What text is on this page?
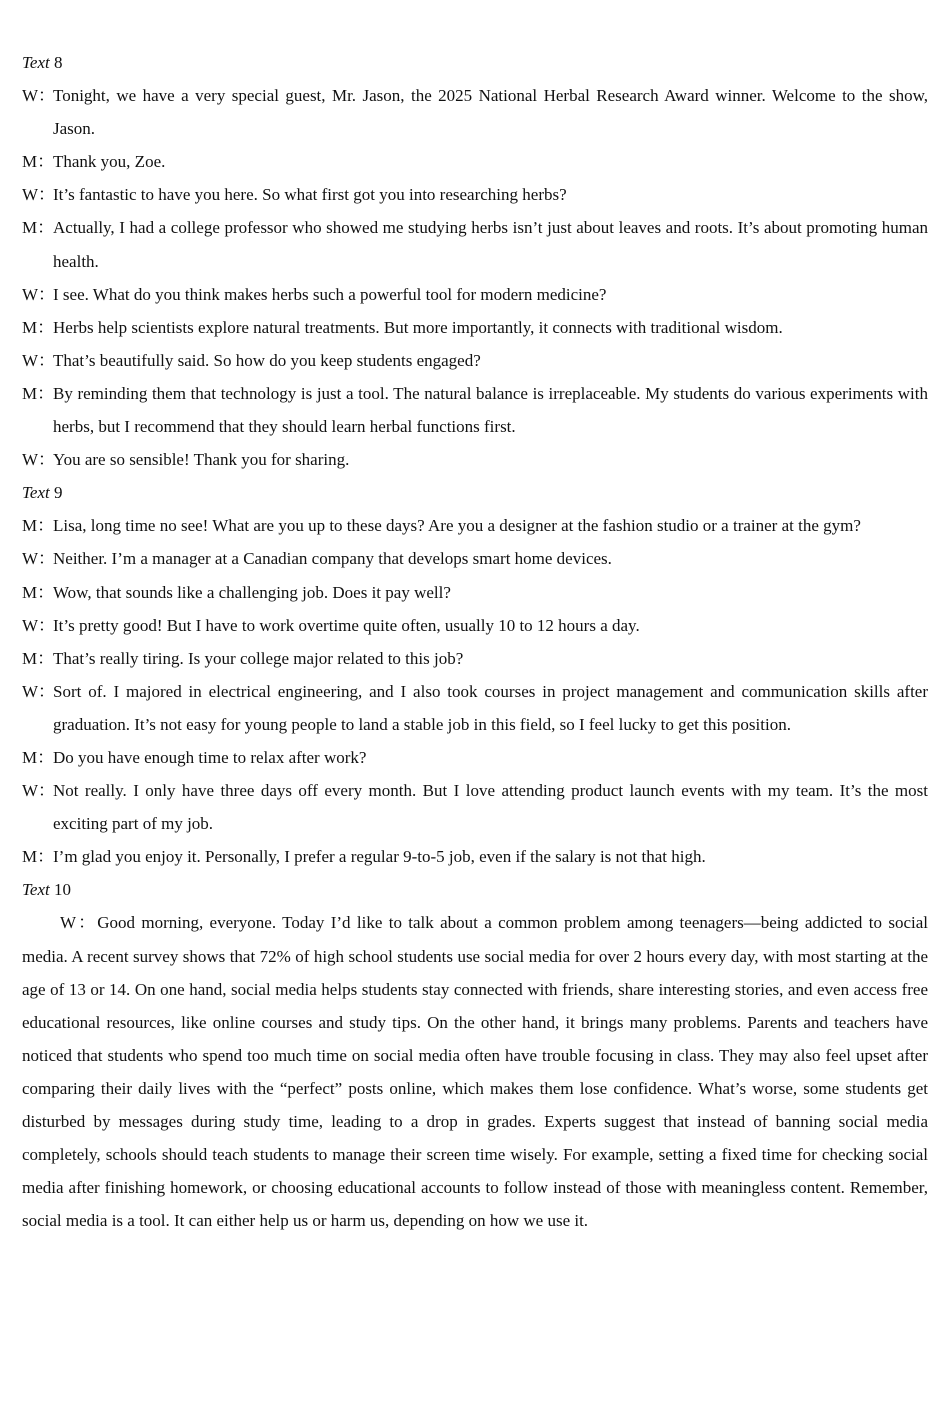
Text 8

W：Tonight, we have a very special guest, Mr. Jason, the 2025 National Herbal Research Award winner. Welcome to the show, Jason.

M：Thank you, Zoe.

W：It’s fantastic to have you here. So what first got you into researching herbs?

M：Actually, I had a college professor who showed me studying herbs isn’t just about leaves and roots. It’s about promoting human health.

W：I see. What do you think makes herbs such a powerful tool for modern medicine?

M：Herbs help scientists explore natural treatments. But more importantly, it connects with traditional wisdom.

W：That’s beautifully said. So how do you keep students engaged?

M：By reminding them that technology is just a tool. The natural balance is irreplaceable. My students do various experiments with herbs, but I recommend that they should learn herbal functions first.

W：You are so sensible! Thank you for sharing.

Text 9

M：Lisa, long time no see! What are you up to these days? Are you a designer at the fashion studio or a trainer at the gym?

W：Neither. I’m a manager at a Canadian company that develops smart home devices.

M：Wow, that sounds like a challenging job. Does it pay well?

W：It’s pretty good! But I have to work overtime quite often, usually 10 to 12 hours a day.

M：That’s really tiring. Is your college major related to this job?

W：Sort of. I majored in electrical engineering, and I also took courses in project management and communication skills after graduation. It’s not easy for young people to land a stable job in this field, so I feel lucky to get this position.

M：Do you have enough time to relax after work?

W：Not really. I only have three days off every month. But I love attending product launch events with my team. It’s the most exciting part of my job.

M：I’m glad you enjoy it. Personally, I prefer a regular 9-to-5 job, even if the salary is not that high.

Text 10

W：Good morning, everyone. Today I’d like to talk about a common problem among teenagers—being addicted to social media. A recent survey shows that 72% of high school students use social media for over 2 hours every day, with most starting at the age of 13 or 14. On one hand, social media helps students stay connected with friends, share interesting stories, and even access free educational resources, like online courses and study tips. On the other hand, it brings many problems. Parents and teachers have noticed that students who spend too much time on social media often have trouble focusing in class. They may also feel upset after comparing their daily lives with the “perfect” posts online, which makes them lose confidence. What’s worse, some students get disturbed by messages during study time, leading to a drop in grades. Experts suggest that instead of banning social media completely, schools should teach students to manage their screen time wisely. For example, setting a fixed time for checking social media after finishing homework, or choosing educational accounts to follow instead of those with meaningless content. Remember, social media is a tool. It can either help us or harm us, depending on how we use it.
